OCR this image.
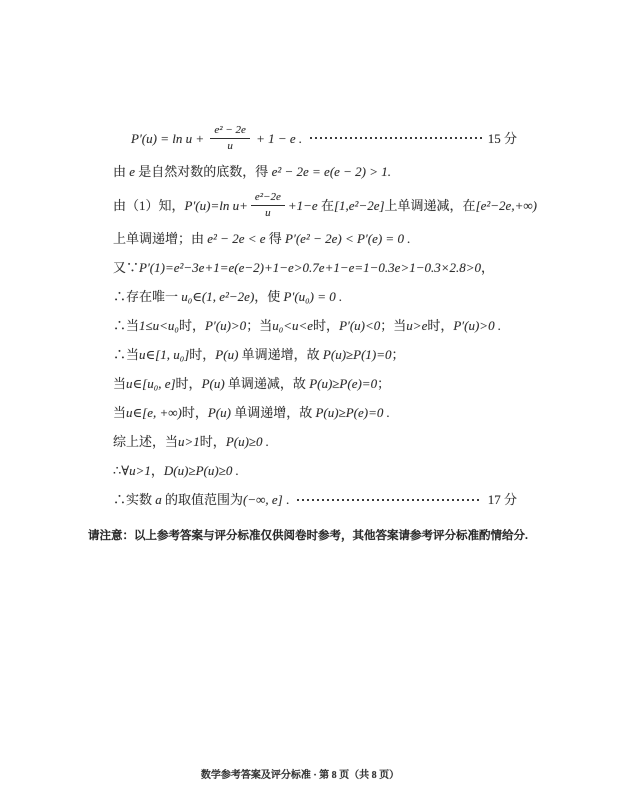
$P'(u) = \ln u + \frac{\text{e² − 2e}}{u} + 1 - e$ .	15 分
由 e 是自然对数的底数，得 e² − 2e = e(e − 2) > 1.
由（1）知， P′(u)=ln $u+ \frac{\text{e²−2e}}{u} +1-e$ 在 [1,e²−2e] 上单调递减，在 [e²−2e,+∞)
上单调递增；由 e² − 2e < e 得 P′(e² − 2e) < P′(e) = 0 .
又∵ P′(1)=e²−3e+1=e(e−2)+1−e>0.7e+1−e=1−0.3e>1−0.3×2.8>0 ，
∴存在唯一 u₀∈(1, e²−2e) ，使 P′(u₀) = 0 .
∴当 1≤u<u₀ 时， P′(u)>0 ；当 u₀<u<e 时， P′(u)<0 ；当 u>e 时， P′(u)>0 .
∴当 u∈[1, u₀] 时， P(u) 单调递增，故 P(u)≥P(1)=0 ；
当 u∈[u₀, e] 时， P(u) 单调递减，故 P(u)≥P(e)=0 ；
当 u∈[e, +∞) 时， P(u) 单调递增，故 P(u)≥P(e)=0 .
综上述，当 u>1 时， P(u)≥0 .
∴ ∀u>1 ， D(u)≥P(u)≥0 .
∴实数 a 的取值范围为 (−∞, e] .	17 分
请注意：以上参考答案与评分标准仅供阅卷时参考，其他答案请参考评分标准酌情给分.
数学参考答案及评分标准 · 第 8 页（共 8 页）
